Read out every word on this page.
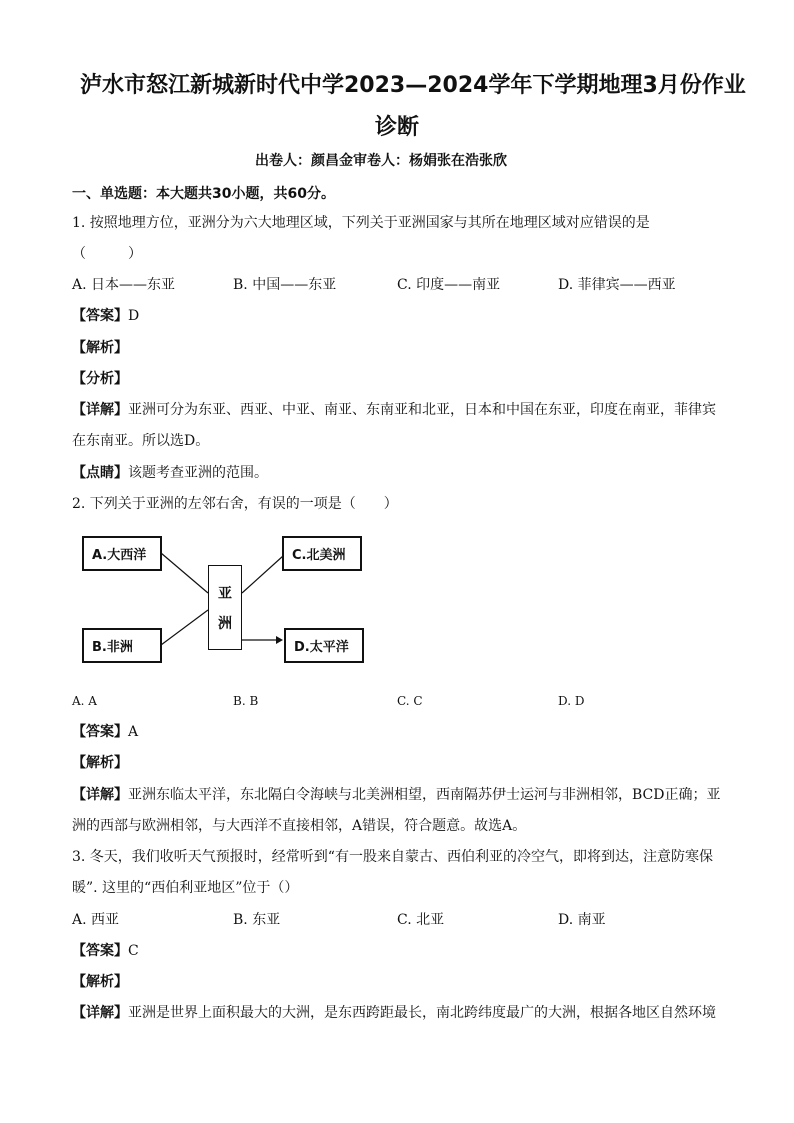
泸水市怒江新城新时代中学2023—2024学年下学期地理3月份作业
诊断
出卷人：颜昌金审卷人：杨娟张在浩张欣
一、单选题：本大题共30小题，共60分。
1. 按照地理方位，亚洲分为六大地理区域，下列关于亚洲国家与其所在地理区域对应错误的是
（　　　）
A. 日本——东亚	B. 中国——东亚	C. 印度——南亚	D. 菲律宾——西亚
【答案】D
【解析】
【分析】
【详解】亚洲可分为东亚、西亚、中亚、南亚、东南亚和北亚，日本和中国在东亚，印度在南亚，菲律宾
在东南亚。所以选D。
【点睛】该题考查亚洲的范围。
2. 下列关于亚洲的左邻右舍，有误的一项是（　　）
A.大西洋
B.非洲
C.北美洲
D.太平洋
亚
洲
A. A	B. B	C. C	D. D
【答案】A
【解析】
【详解】亚洲东临太平洋，东北隔白令海峡与北美洲相望，西南隔苏伊士运河与非洲相邻，BCD正确；亚
洲的西部与欧洲相邻，与大西洋不直接相邻，A错误，符合题意。故选A。
3. 冬天，我们收听天气预报时，经常听到“有一股来自蒙古、西伯利亚的冷空气，即将到达，注意防寒保
暖”. 这里的“西伯利亚地区”位于（）
A. 西亚	B. 东亚	C. 北亚	D. 南亚
【答案】C
【解析】
【详解】亚洲是世界上面积最大的大洲，是东西跨距最长，南北跨纬度最广的大洲，根据各地区自然环境
